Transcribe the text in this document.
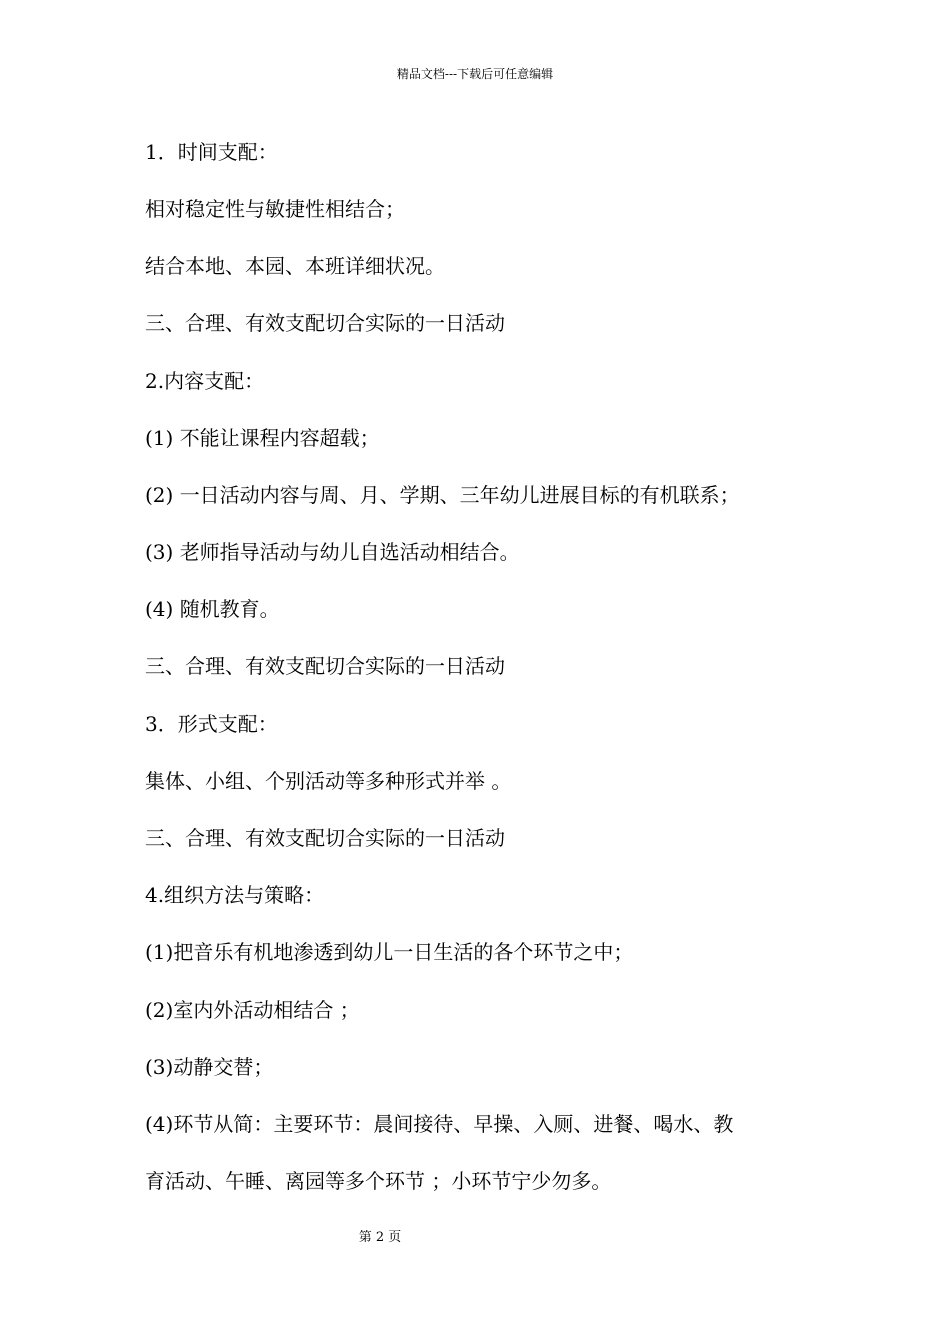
精品文档---下载后可任意编辑
1．时间支配：
相对稳定性与敏捷性相结合；
结合本地、本园、本班详细状况。
三、合理、有效支配切合实际的一日活动
2.内容支配：
(1) 不能让课程内容超载；
(2) 一日活动内容与周、月、学期、三年幼儿进展目标的有机联系；
(3) 老师指导活动与幼儿自选活动相结合。
(4) 随机教育。
三、合理、有效支配切合实际的一日活动
3．形式支配：
集体、小组、个别活动等多种形式并举 。
三、合理、有效支配切合实际的一日活动
4.组织方法与策略：
(1)把音乐有机地渗透到幼儿一日生活的各个环节之中；
(2)室内外活动相结合 ；
(3)动静交替；
(4)环节从简：主要环节：晨间接待、早操、入厕、进餐、喝水、教
育活动、午睡、离园等多个环节 ；小环节宁少勿多。
第 2 页
